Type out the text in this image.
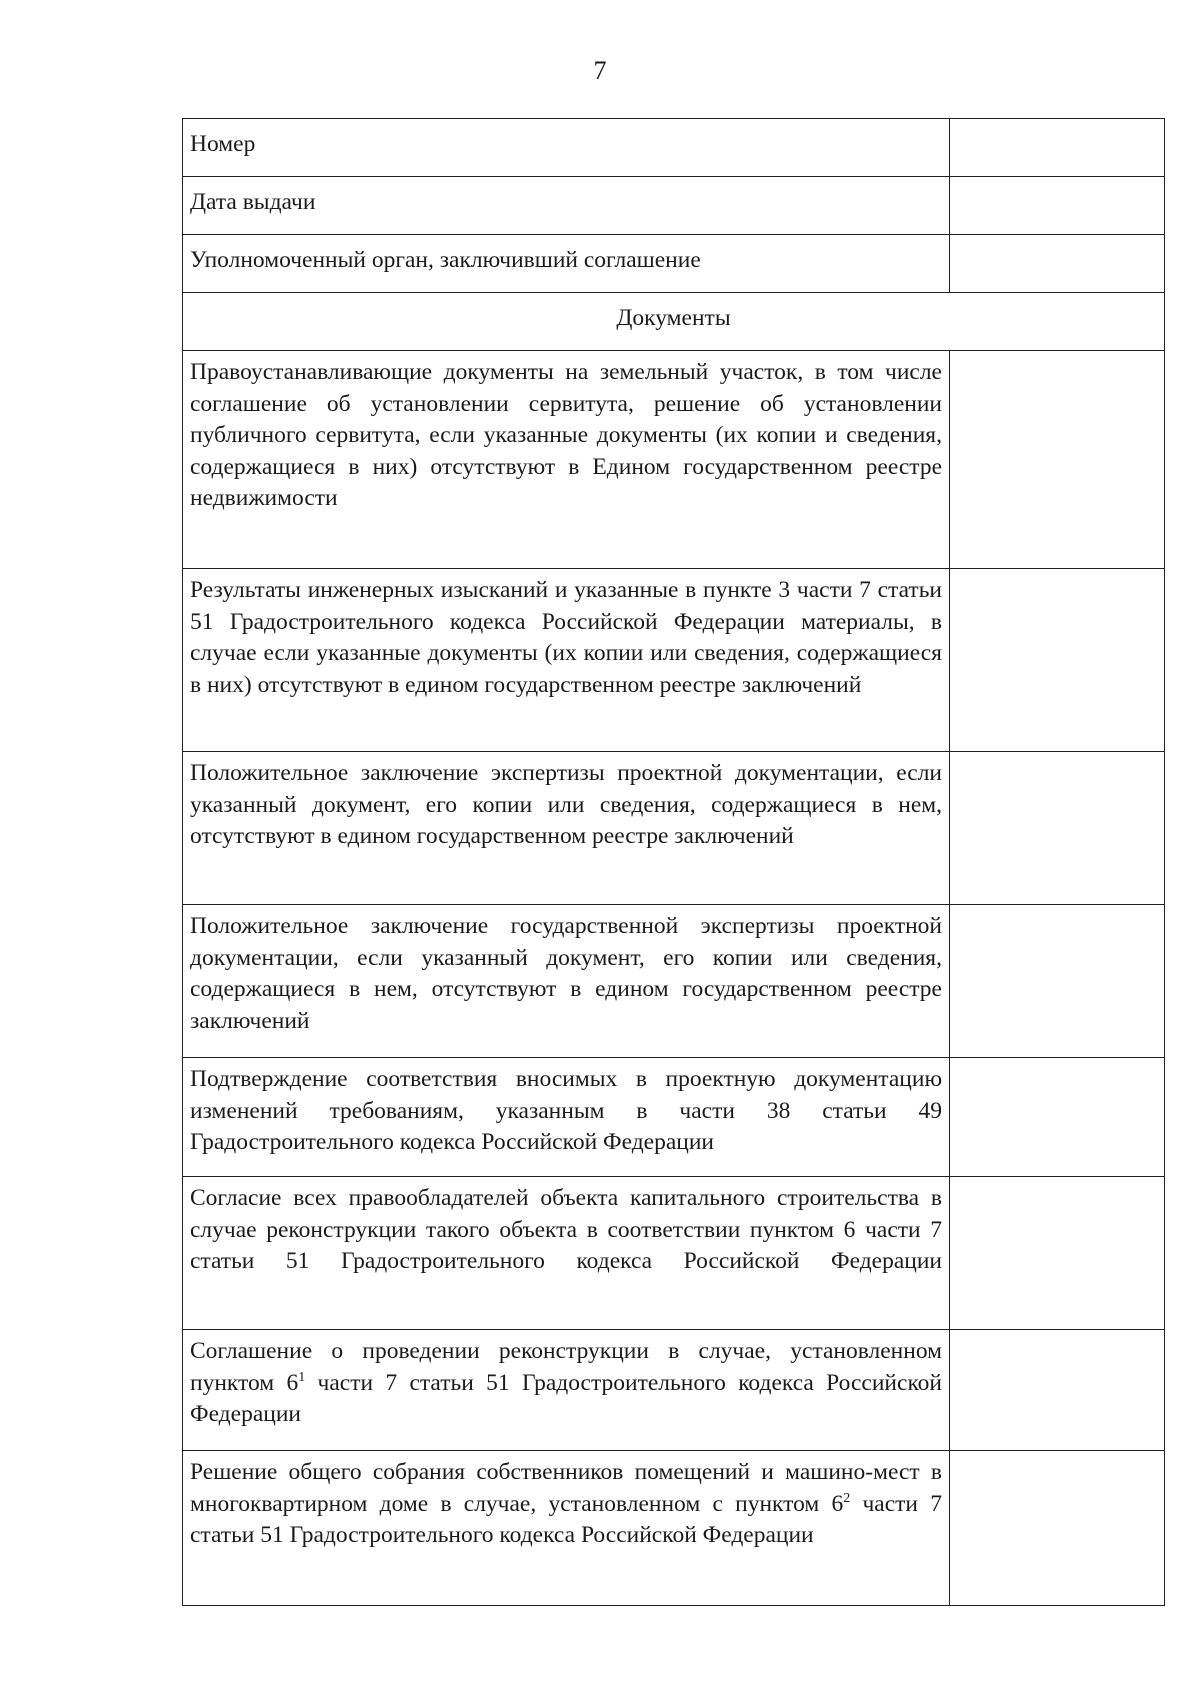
7
Номер	
Дата выдачи	
Уполномоченный орган, заключивший соглашение	
Документы	
Правоустанавливающие документы на земельный участок, в том числе соглашение об установлении сервитута, решение об установлении публичного сервитута, если указанные документы (их копии и сведения, содержащиеся в них) отсутствуют в Едином государственном реестре недвижимости	
Результаты инженерных изысканий и указанные в пункте 3 части 7 статьи 51 Градостроительного кодекса Российской Федерации материалы, в случае если указанные документы (их копии или сведения, содержащиеся в них) отсутствуют в едином государственном реестре заключений	
Положительное заключение экспертизы проектной документации, если указанный документ, его копии или сведения, содержащиеся в нем, отсутствуют в едином государственном реестре заключений	
Положительное заключение государственной экспертизы проектной документации, если указанный документ, его копии или сведения, содержащиеся в нем, отсутствуют в едином государственном реестре заключений	
Подтверждение соответствия вносимых в проектную документацию изменений требованиям, указанным в части 38 статьи 49 Градостроительного кодекса Российской Федерации	
Согласие всех правообладателей объекта капитального строительства в случае реконструкции такого объекта в соответствии пунктом 6 части 7 статьи 51 Градостроительного кодекса Российской Федерации	
Соглашение о проведении реконструкции в случае, установленном пунктом $6^1$ части 7 статьи 51 Градостроительного кодекса Российской Федерации	
Решение общего собрания собственников помещений и машино-мест в многоквартирном доме в случае, установленном с пунктом $6^2$ части 7 статьи 51 Градостроительного кодекса Российской Федерации	
